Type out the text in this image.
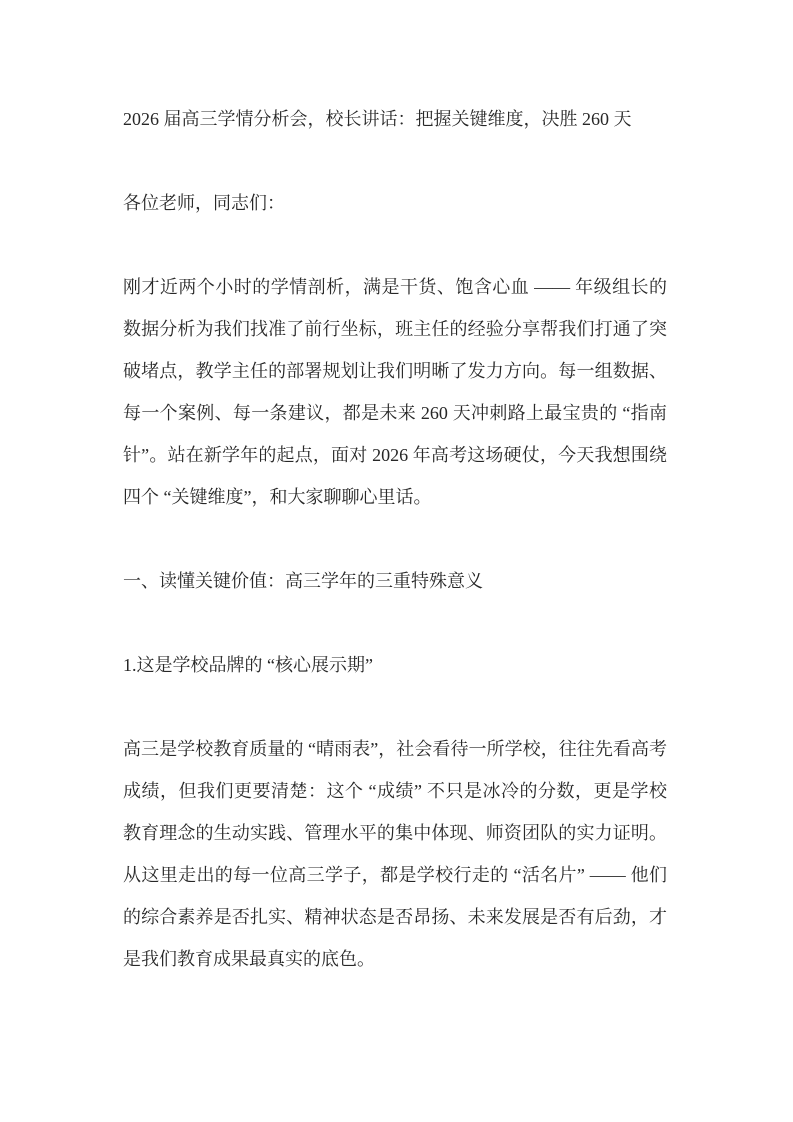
2026 届高三学情分析会，校长讲话：把握关键维度，决胜 260 天

各位老师，同志们：

刚才近两个小时的学情剖析，满是干货、饱含心血 —— 年级组长的数据分析为我们找准了前行坐标，班主任的经验分享帮我们打通了突破堵点，教学主任的部署规划让我们明晰了发力方向。每一组数据、每一个案例、每一条建议，都是未来 260 天冲刺路上最宝贵的 “指南针”。站在新学年的起点，面对 2026 年高考这场硬仗，今天我想围绕四个 “关键维度”，和大家聊聊心里话。

一、读懂关键价值：高三学年的三重特殊意义

1.这是学校品牌的 “核心展示期”

高三是学校教育质量的 “晴雨表”，社会看待一所学校，往往先看高考成绩，但我们更要清楚：这个 “成绩” 不只是冰冷的分数，更是学校教育理念的生动实践、管理水平的集中体现、师资团队的实力证明。从这里走出的每一位高三学子，都是学校行走的 “活名片” —— 他们的综合素养是否扎实、精神状态是否昂扬、未来发展是否有后劲，才是我们教育成果最真实的底色。
